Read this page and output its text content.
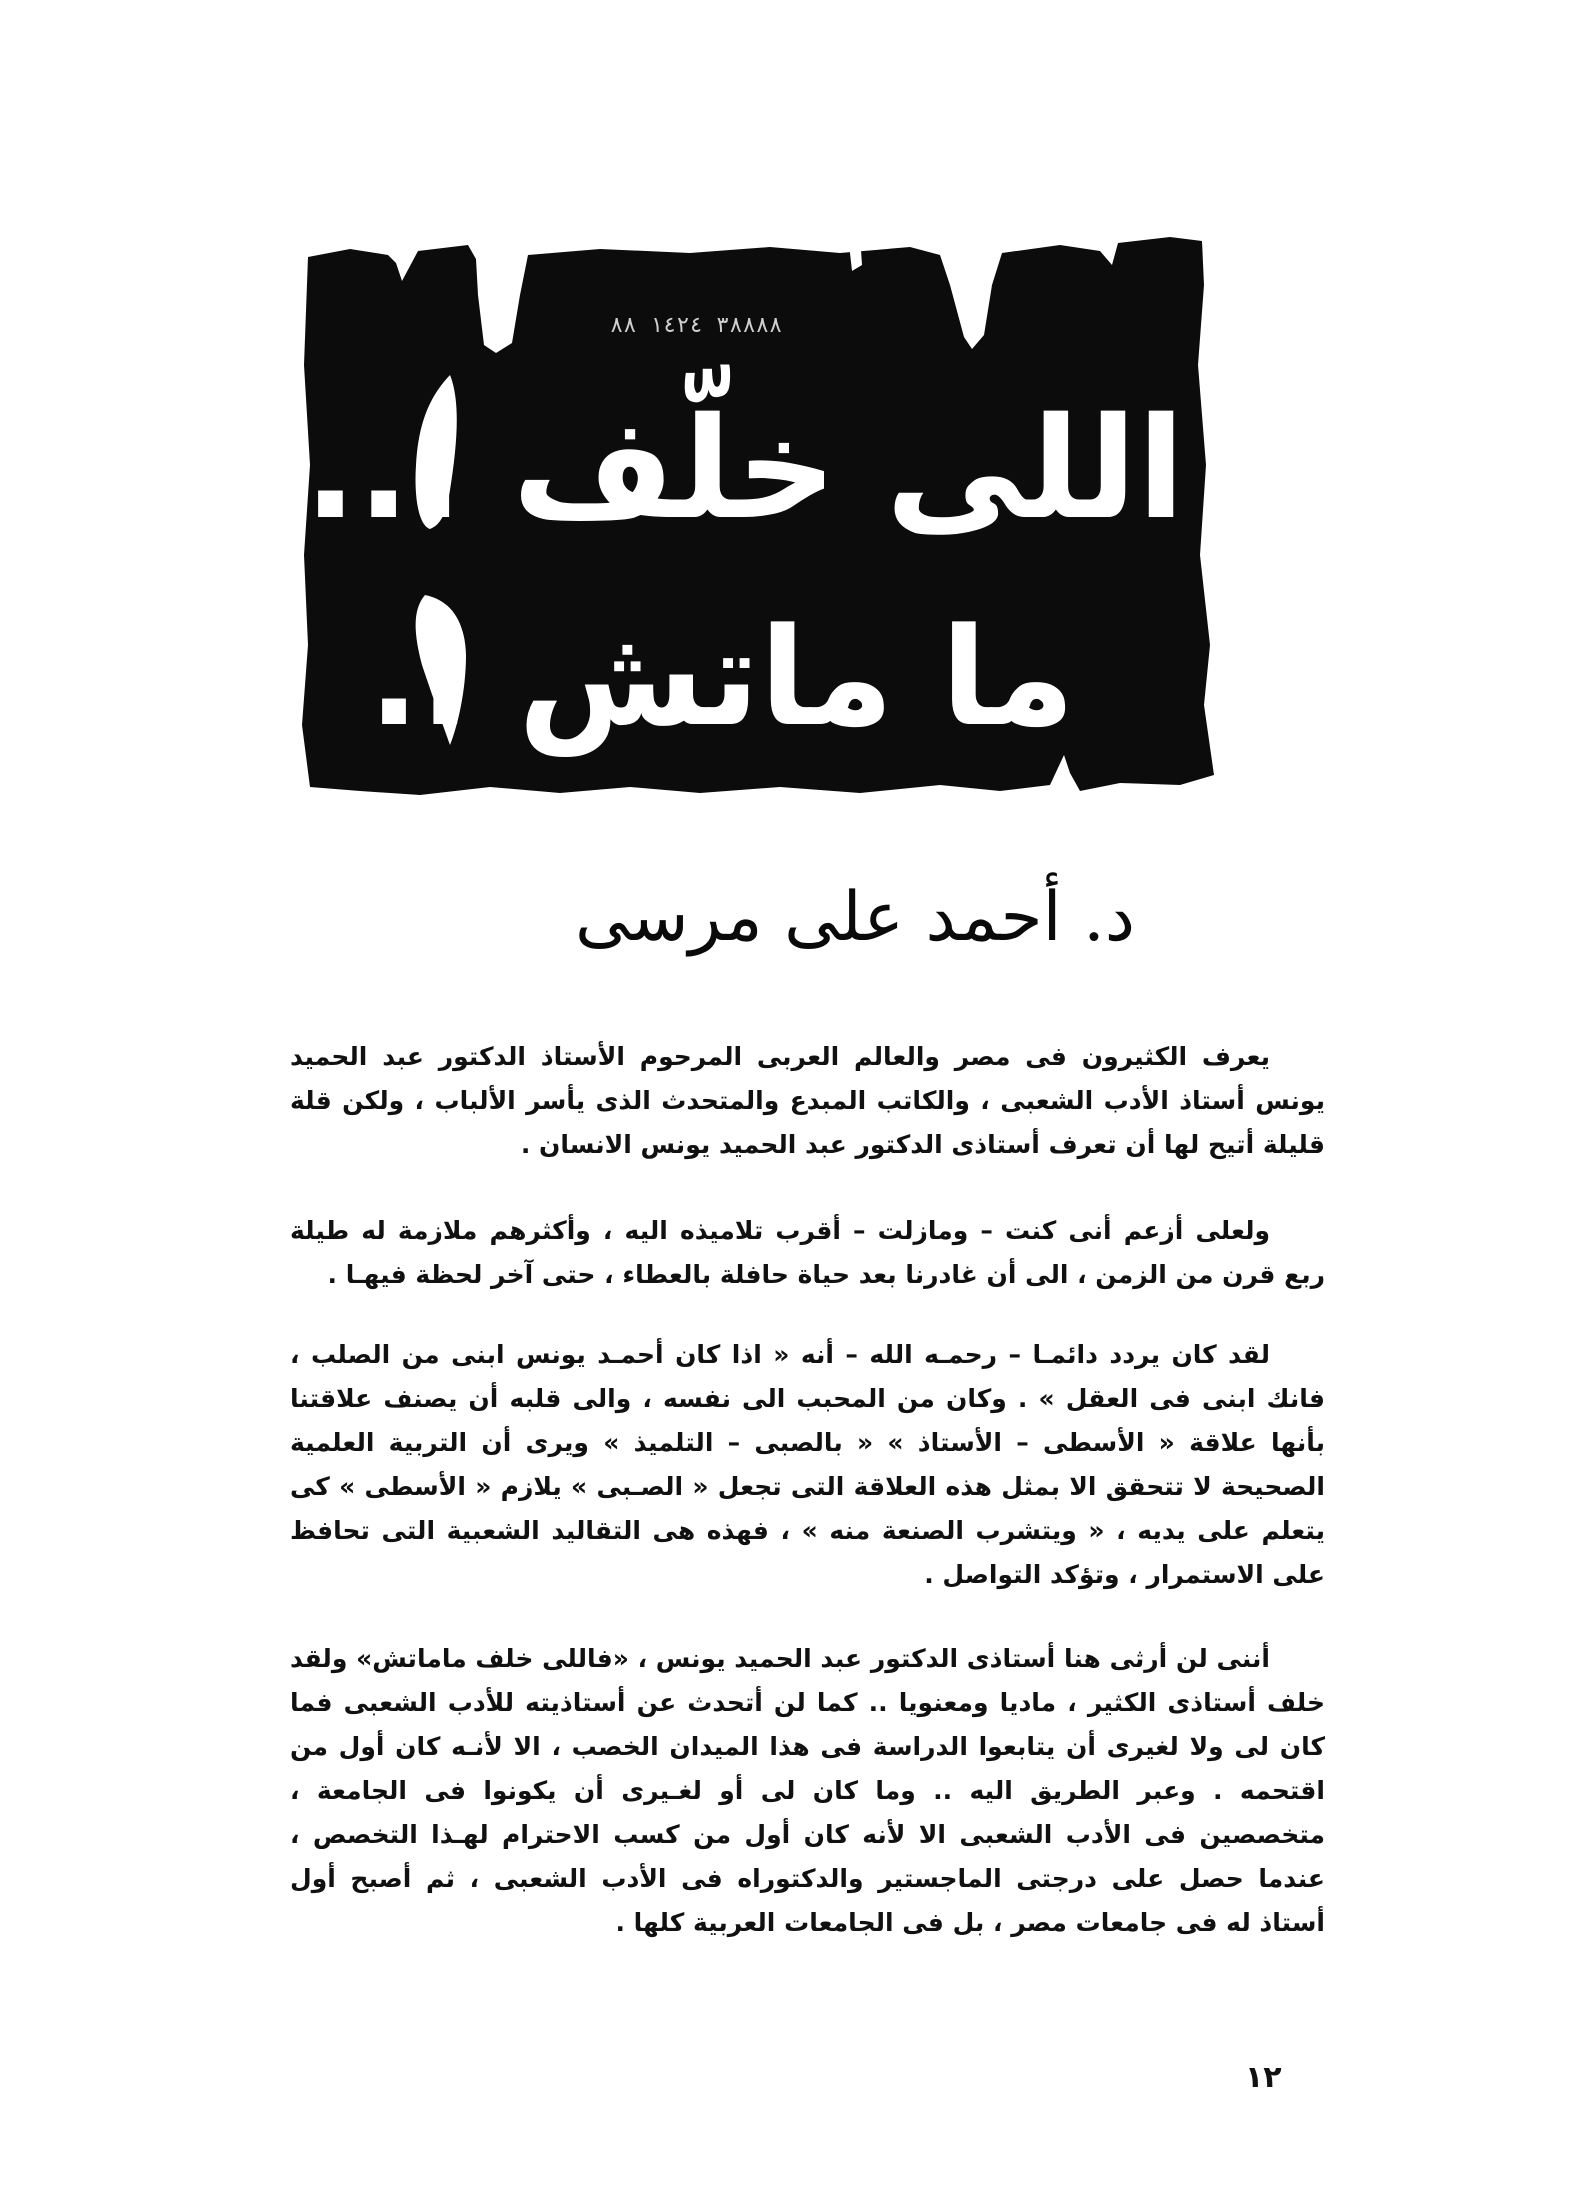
٣٨٨٨٨ ١٤٢٤ ٨٨
اللى خلّف ...
ما ماتش ..
د. أحمد على مرسى

يعرف الكثيرون فى مصر والعالم العربى المرحوم الأستاذ الدكتور عبد الحميد يونس أستاذ الأدب الشعبى ، والكاتب المبدع والمتحدث الذى يأسر الألباب ، ولكن قلة قليلة أتيح لها أن تعرف أستاذى الدكتور عبد الحميد يونس الانسان .

ولعلى أزعم أنى كنت – ومازلت – أقرب تلاميذه اليه ، وأكثرهم ملازمة له طيلة ربع قرن من الزمن ، الى أن غادرنا بعد حياة حافلة بالعطاء ، حتى آخر لحظة فيهـا .

لقد كان يردد دائمـا – رحمـه الله – أنه « اذا كان أحمـد يونس ابنى من الصلب ، فانك ابنى فى العقل » . وكان من المحبب الى نفسه ، والى قلبه أن يصنف علاقتنا بأنها علاقة « الأسطى – الأستاذ » « بالصبى – التلميذ » ويرى أن التربية العلمية الصحيحة لا تتحقق الا بمثل هذه العلاقة التى تجعل « الصـبى » يلازم « الأسطى » كى يتعلم على يديه ، « ويتشرب الصنعة منه » ، فهذه هى التقاليد الشعبية التى تحافظ على الاستمرار ، وتؤكد التواصل .

أننى لن أرثى هنا أستاذى الدكتور عبد الحميد يونس ، «فاللى خلف ماماتش» ولقد خلف أستاذى الكثير ، ماديا ومعنويا .. كما لن أتحدث عن أستاذيته للأدب الشعبى فما كان لى ولا لغيرى أن يتابعوا الدراسة فى هذا الميدان الخصب ، الا لأنـه كان أول من اقتحمه . وعبر الطريق اليه .. وما كان لى أو لغـيرى أن يكونوا فى الجامعة ، متخصصين فى الأدب الشعبى الا لأنه كان أول من كسب الاحترام لهـذا التخصص ، عندما حصل على درجتى الماجستير والدكتوراه فى الأدب الشعبى ، ثم أصبح أول أستاذ له فى جامعات مصر ، بل فى الجامعات العربية كلها .

١٢
